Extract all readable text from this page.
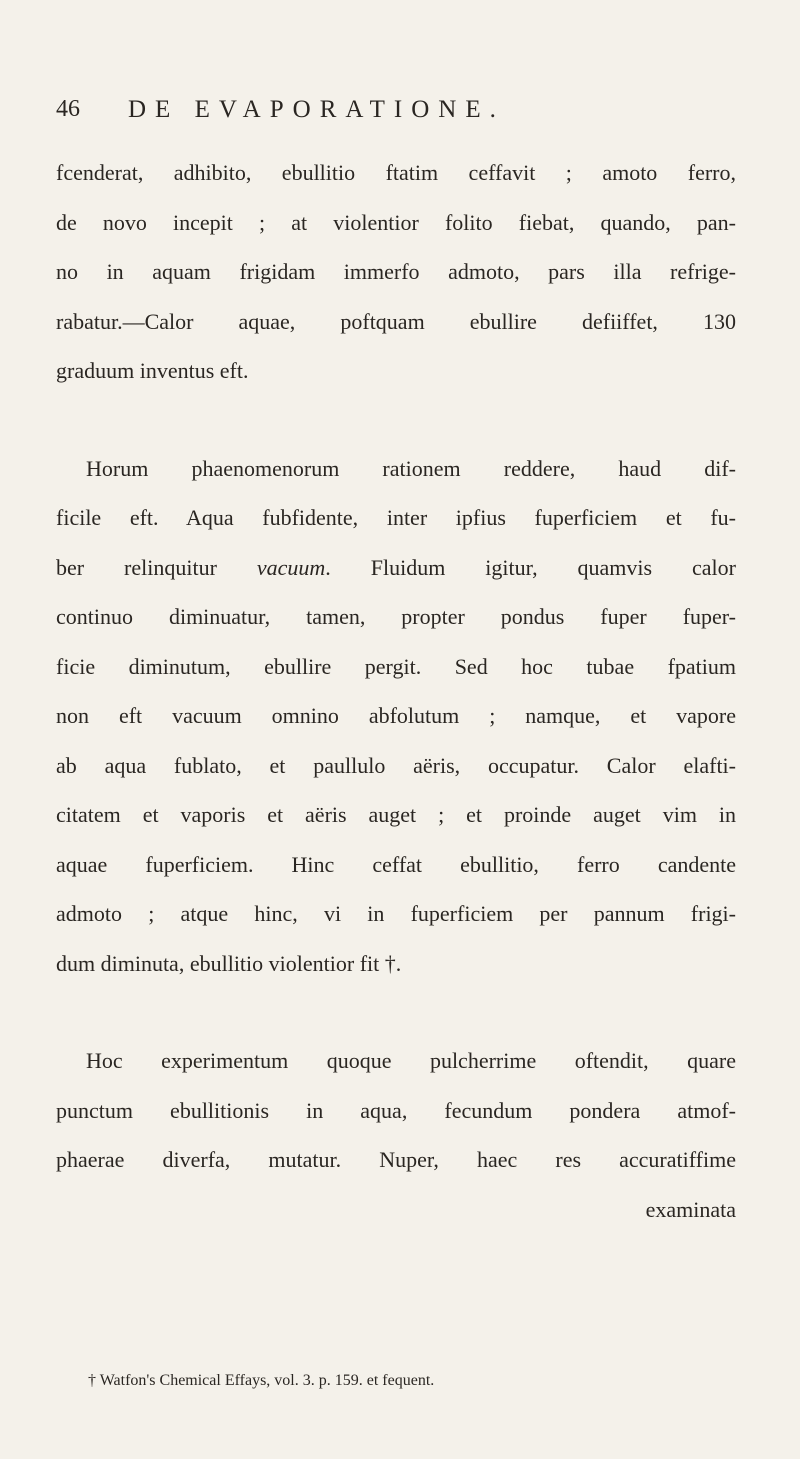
46 DE EVAPORATIONE.
fcenderat, adhibito, ebullitio ftatim ceffavit ; amoto ferro,
de novo incepit ; at violentior folito fiebat, quando, pan-
no in aquam frigidam immerfo admoto, pars illa refrige-
rabatur.—Calor aquae, poftquam ebullire defiiffet, 130
graduum inventus eft.
Horum phaenomenorum rationem reddere, haud dif-
ficile eft. Aqua fubfidente, inter ipfius fuperficiem et fu-
ber relinquitur vacuum. Fluidum igitur, quamvis calor
continuo diminuatur, tamen, propter pondus fuper fuper-
ficie diminutum, ebullire pergit. Sed hoc tubae fpatium
non eft vacuum omnino abfolutum ; namque, et vapore
ab aqua fublato, et paullulo aëris, occupatur. Calor elafti-
citatem et vaporis et aëris auget ; et proinde auget vim in
aquae fuperficiem. Hinc ceffat ebullitio, ferro candente
admoto ; atque hinc, vi in fuperficiem per pannum frigi-
dum diminuta, ebullitio violentior fit †.
Hoc experimentum quoque pulcherrime oftendit, quare
punctum ebullitionis in aqua, fecundum pondera atmof-
phaerae diverfa, mutatur. Nuper, haec res accuratiffime
examinata
† Watfon's Chemical Effays, vol. 3. p. 159. et fequent.
